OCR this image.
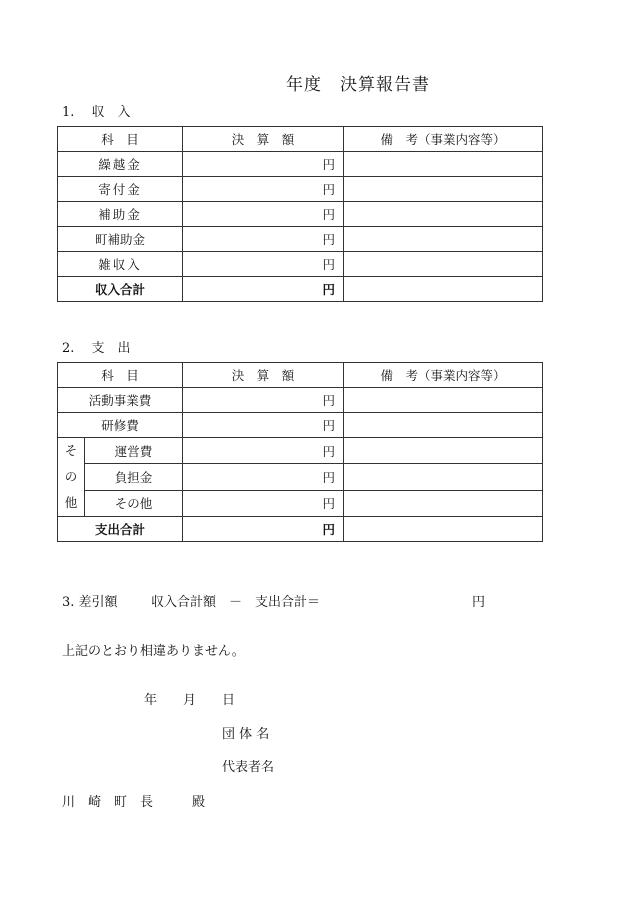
年度　決算報告書
1.　 収　入
科　目	決　算　額	備　考（事業内容等）
繰越金	円	
寄付金	円	
補助金	円	
町補助金	円	
雑収入	円	
収入合計	円	
2.　 支　出
科　目		決　算　額	備　考（事業内容等）
活動事業費		円	
研修費		円	
そ
の
他	運営費	円	
	負担金	円	
	その他	円	
支出合計		円	
3. 差引額	収入合計額　－　支出合計＝	円
上記のとおり相違ありません。
年　　月　　日
団 体 名
代表者名
川　崎　町　長　　　殿
